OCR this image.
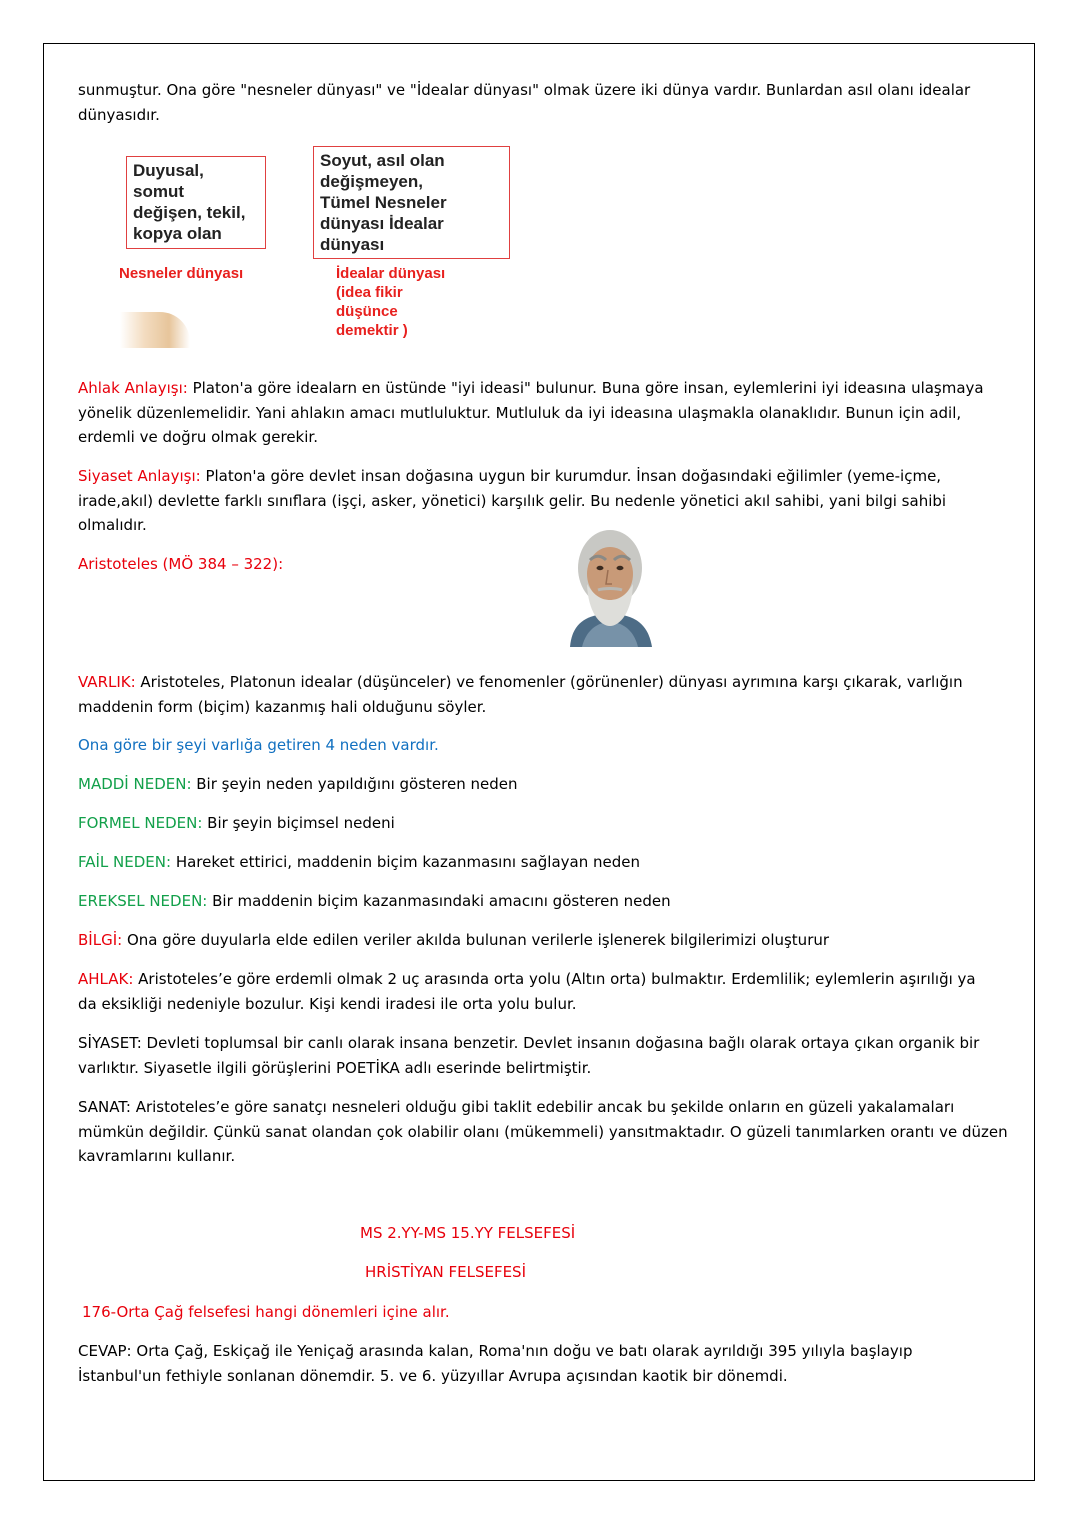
sunmuştur. Ona göre "nesneler dünyası" ve "İdealar dünyası" olmak üzere iki dünya vardır. Bunlardan asıl olanı idealar
dünyasıdır.
Duyusal,
somut
değişen, tekil,
kopya olan
Nesneler dünyası
Soyut, asıl olan
değişmeyen,
Tümel Nesneler
dünyası İdealar
dünyası
İdealar dünyası
(idea fikir
düşünce
demektir )
Ahlak Anlayışı: Platon'a göre idealarn en üstünde "iyi ideasi" bulunur. Buna göre insan, eylemlerini iyi ideasına ulaşmaya
yönelik düzenlemelidir. Yani ahlakın amacı mutluluktur. Mutluluk da iyi ideasına ulaşmakla olanaklıdır. Bunun için adil,
erdemli ve doğru olmak gerekir.
Siyaset Anlayışı: Platon'a göre devlet insan doğasına uygun bir kurumdur. İnsan doğasındaki eğilimler (yeme-içme,
irade,akıl) devlette farklı sınıflara (işçi, asker, yönetici) karşılık gelir. Bu nedenle yönetici akıl sahibi, yani bilgi sahibi
olmalıdır.
Aristoteles (MÖ 384 – 322):
VARLIK: Aristoteles, Platonun idealar (düşünceler) ve fenomenler (görünenler) dünyası ayrımına karşı çıkarak, varlığın
maddenin form (biçim) kazanmış hali olduğunu söyler.
Ona göre bir şeyi varlığa getiren 4 neden vardır.
MADDİ NEDEN: Bir şeyin neden yapıldığını gösteren neden
FORMEL NEDEN: Bir şeyin biçimsel nedeni
FAİL NEDEN: Hareket ettirici, maddenin biçim kazanmasını sağlayan neden
EREKSEL NEDEN: Bir maddenin biçim kazanmasındaki amacını gösteren neden
BİLGİ: Ona göre duyularla elde edilen veriler akılda bulunan verilerle işlenerek bilgilerimizi oluşturur
AHLAK: Aristoteles’e göre erdemli olmak 2 uç arasında orta yolu (Altın orta) bulmaktır. Erdemlilik; eylemlerin aşırılığı ya
da eksikliği nedeniyle bozulur. Kişi kendi iradesi ile orta yolu bulur.
SİYASET: Devleti toplumsal bir canlı olarak insana benzetir. Devlet insanın doğasına bağlı olarak ortaya çıkan organik bir
varlıktır. Siyasetle ilgili görüşlerini POETİKA adlı eserinde belirtmiştir.
SANAT: Aristoteles’e göre sanatçı nesneleri olduğu gibi taklit edebilir ancak bu şekilde onların en güzeli yakalamaları
mümkün değildir. Çünkü sanat olandan çok olabilir olanı (mükemmeli) yansıtmaktadır. O güzeli tanımlarken orantı ve düzen
kavramlarını kullanır.
MS 2.YY-MS 15.YY FELSEFESİ
HRİSTİYAN FELSEFESİ
176-Orta Çağ felsefesi hangi dönemleri içine alır.
CEVAP: Orta Çağ, Eskiçağ ile Yeniçağ arasında kalan, Roma'nın doğu ve batı olarak ayrıldığı 395 yılıyla başlayıp
İstanbul'un fethiyle sonlanan dönemdir. 5. ve 6. yüzyıllar Avrupa açısından kaotik bir dönemdi.
